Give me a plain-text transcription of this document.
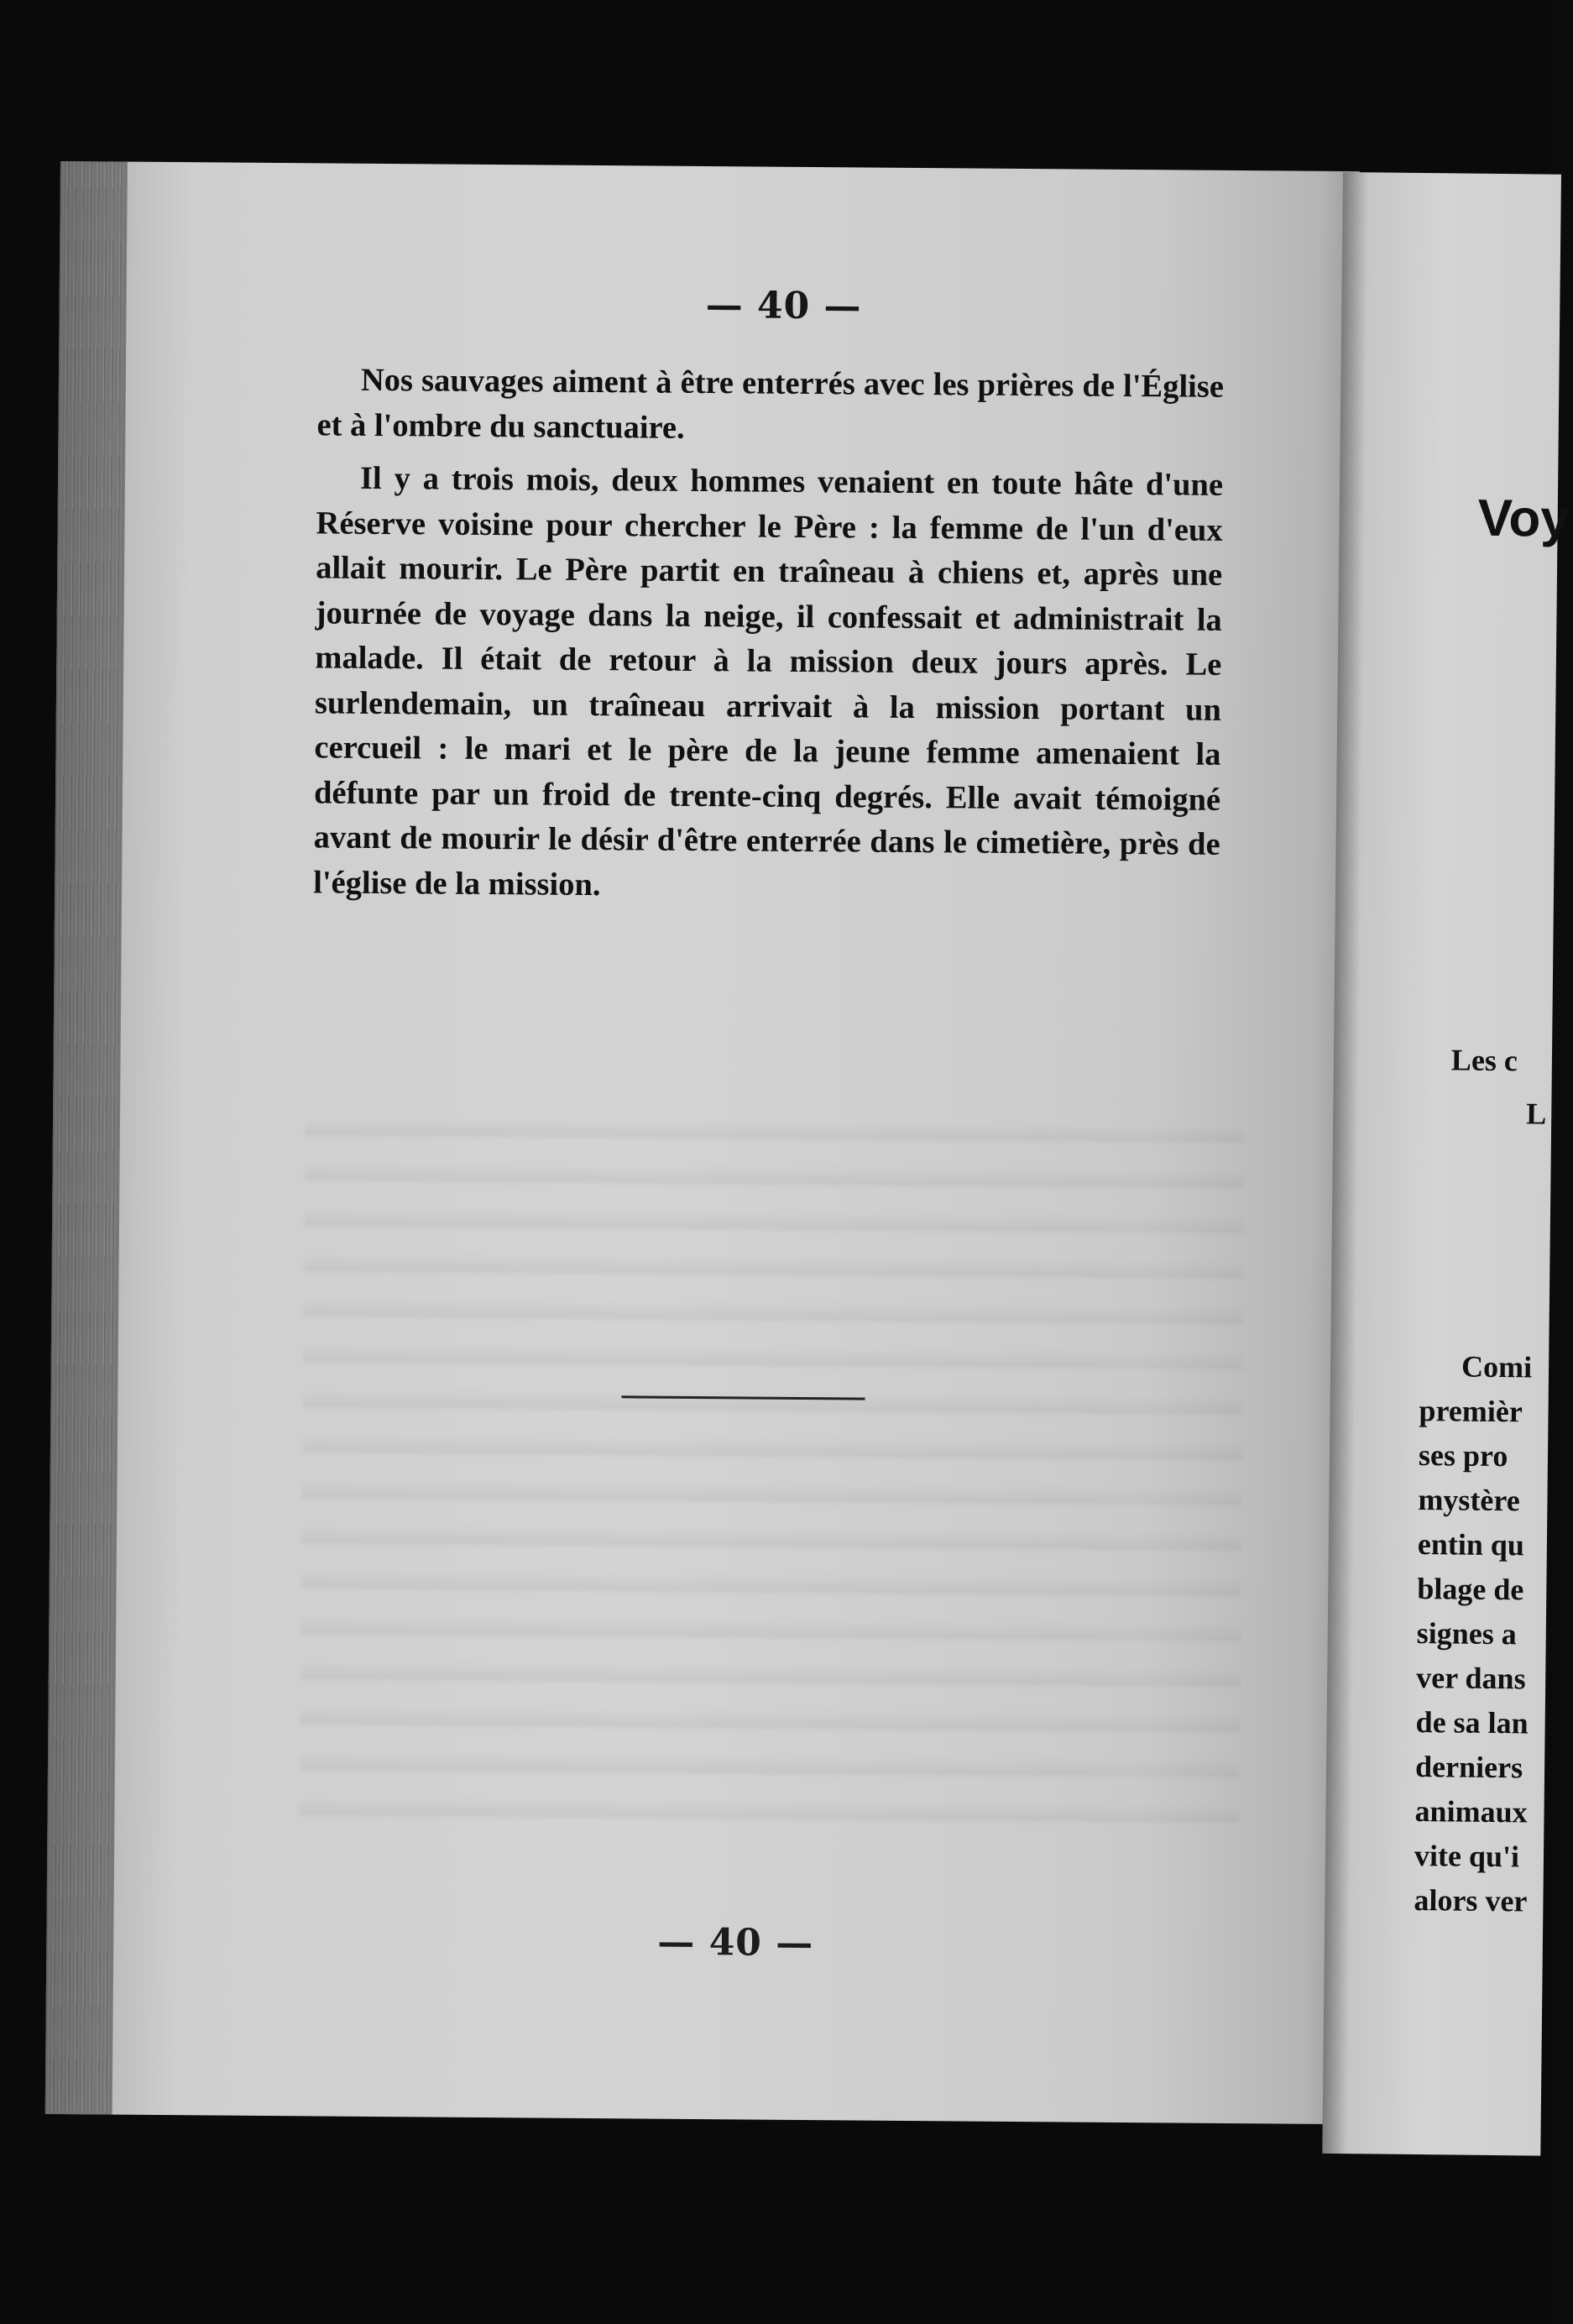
— 40 —

Nos sauvages aiment à être enterrés avec les prières de l'Église et à l'ombre du sanctuaire.

Il y a trois mois, deux hommes venaient en toute hâte d'une Réserve voisine pour chercher le Père : la femme de l'un d'eux allait mourir. Le Père partit en traîneau à chiens et, après une journée de voyage dans la neige, il confessait et administrait la malade. Il était de retour à la mission deux jours après. Le surlendemain, un traîneau arrivait à la mission portant un cercueil : le mari et le père de la jeune femme amenaient la défunte par un froid de trente-cinq degrés. Elle avait témoigné avant de mourir le désir d'être enterrée dans le cimetière, près de l'église de la mission.

— 40 —
Voy
Les c
L
Comi
premièr
ses pro
mystère
entin qu
blage de
signes a
ver dans
de sa lan
derniers
animaux
vite qu'i
alors ver
